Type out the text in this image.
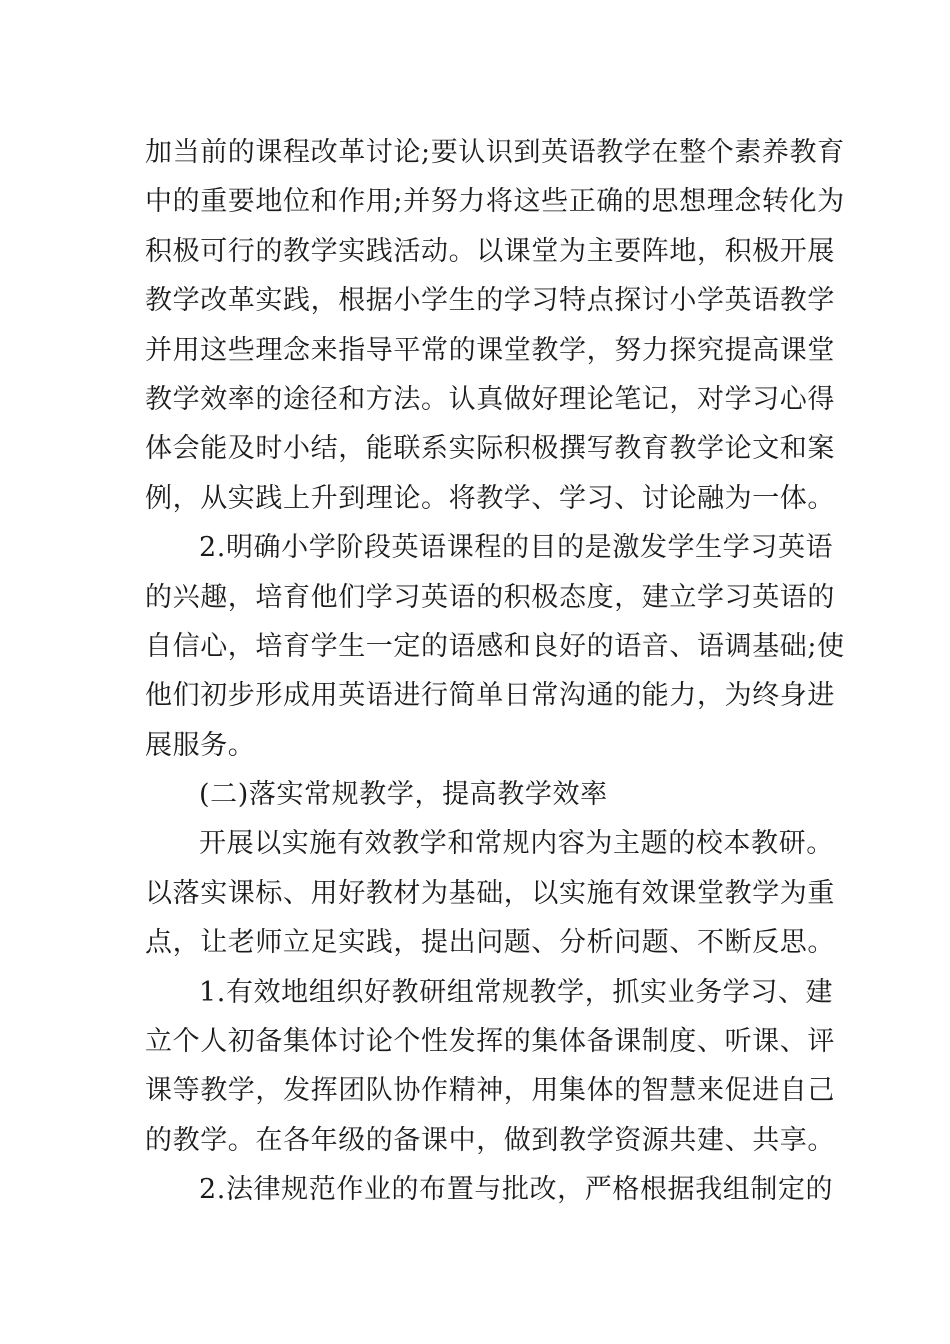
加当前的课程改革讨论;要认识到英语教学在整个素养教育
中的重要地位和作用;并努力将这些正确的思想理念转化为
积极可行的教学实践活动。以课堂为主要阵地，积极开展
教学改革实践，根据小学生的学习特点探讨小学英语教学
并用这些理念来指导平常的课堂教学，努力探究提高课堂
教学效率的途径和方法。认真做好理论笔记，对学习心得
体会能及时小结，能联系实际积极撰写教育教学论文和案
例，从实践上升到理论。将教学、学习、讨论融为一体。
2.明确小学阶段英语课程的目的是激发学生学习英语
的兴趣，培育他们学习英语的积极态度，建立学习英语的
自信心，培育学生一定的语感和良好的语音、语调基础;使
他们初步形成用英语进行简单日常沟通的能力，为终身进
展服务。
(二)落实常规教学，提高教学效率
开展以实施有效教学和常规内容为主题的校本教研。
以落实课标、用好教材为基础，以实施有效课堂教学为重
点，让老师立足实践，提出问题、分析问题、不断反思。
1.有效地组织好教研组常规教学，抓实业务学习、建
立个人初备集体讨论个性发挥的集体备课制度、听课、评
课等教学，发挥团队协作精神，用集体的智慧来促进自己
的教学。在各年级的备课中，做到教学资源共建、共享。
2.法律规范作业的布置与批改，严格根据我组制定的
